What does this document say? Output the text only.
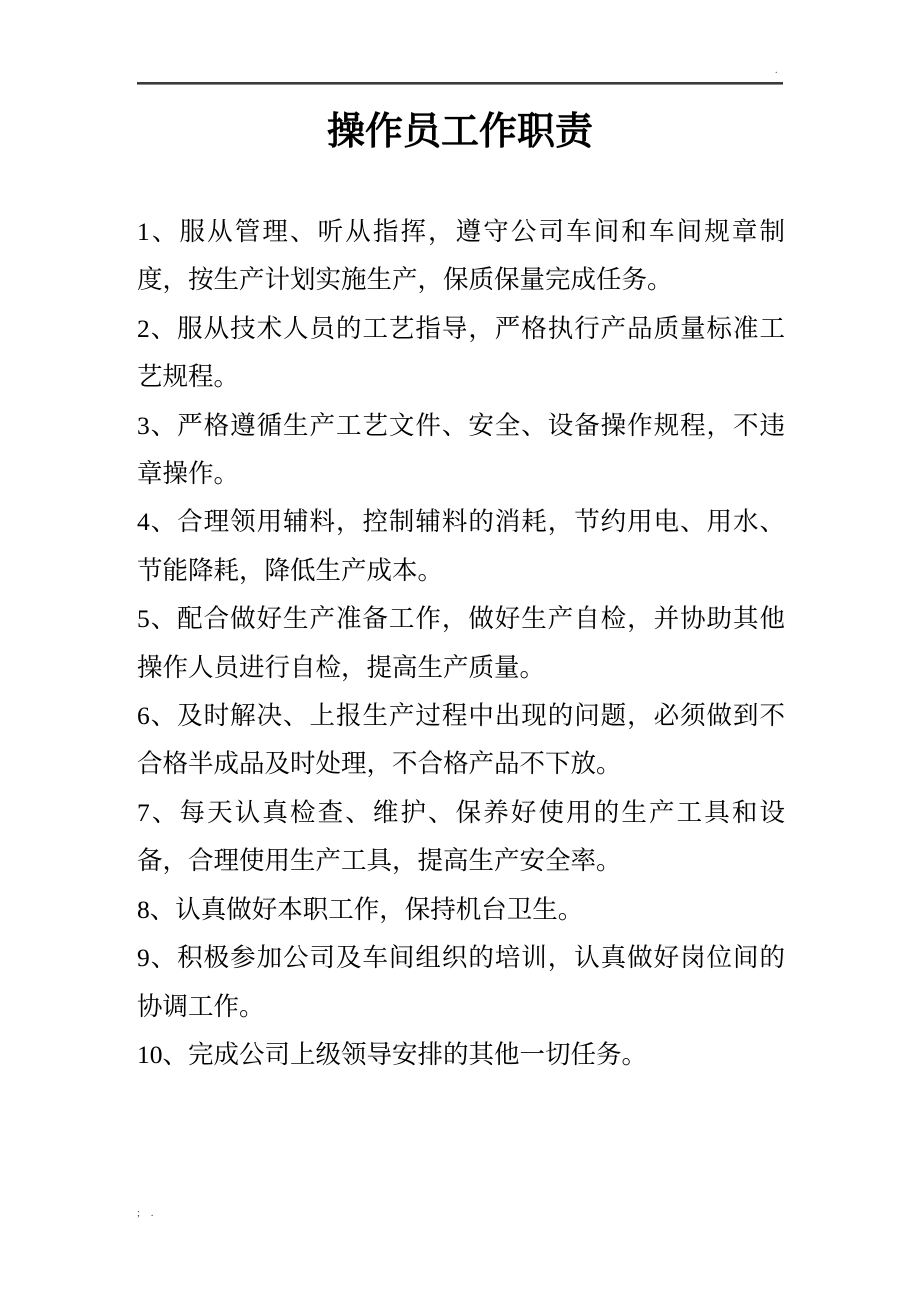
.
操作员工作职责

1、服从管理、听从指挥，遵守公司车间和车间规章制度，按生产计划实施生产，保质保量完成任务。

2、服从技术人员的工艺指导，严格执行产品质量标准工艺规程。

3、严格遵循生产工艺文件、安全、设备操作规程，不违章操作。

4、合理领用辅料，控制辅料的消耗，节约用电、用水、节能降耗，降低生产成本。

5、配合做好生产准备工作，做好生产自检，并协助其他操作人员进行自检，提高生产质量。

6、及时解决、上报生产过程中出现的问题，必须做到不合格半成品及时处理，不合格产品不下放。

7、每天认真检查、维护、保养好使用的生产工具和设备，合理使用生产工具，提高生产安全率。

8、认真做好本职工作，保持机台卫生。

9、积极参加公司及车间组织的培训，认真做好岗位间的协调工作。

10、完成公司上级领导安排的其他一切任务。

; .
